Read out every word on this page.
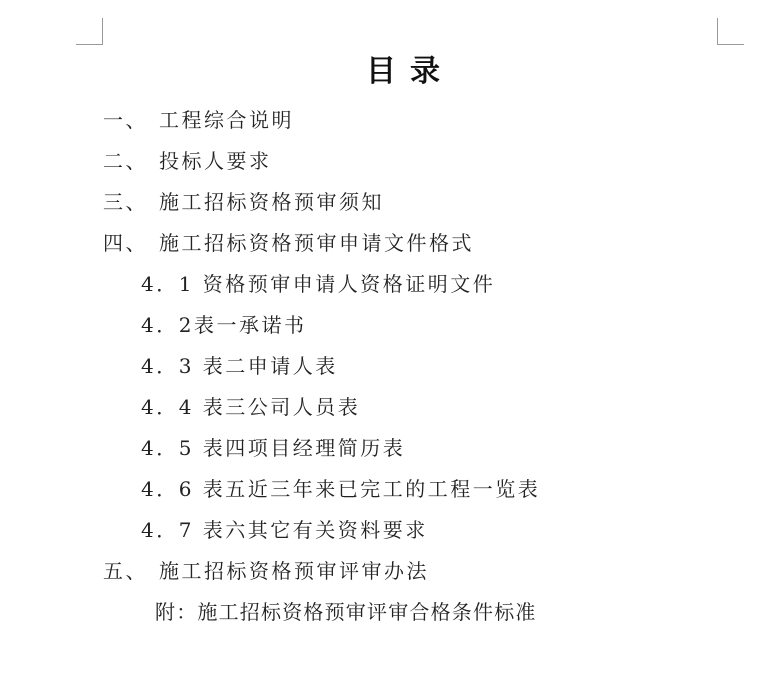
目录
一、 工程综合说明
二、 投标人要求
三、 施工招标资格预审须知
四、 施工招标资格预审申请文件格式
4．1 资格预审申请人资格证明文件
4．2表一承诺书
4．3 表二申请人表
4．4 表三公司人员表
4．5 表四项目经理简历表
4．6 表五近三年来已完工的工程一览表
4．7 表六其它有关资料要求
五、 施工招标资格预审评审办法
附：施工招标资格预审评审合格条件标准
